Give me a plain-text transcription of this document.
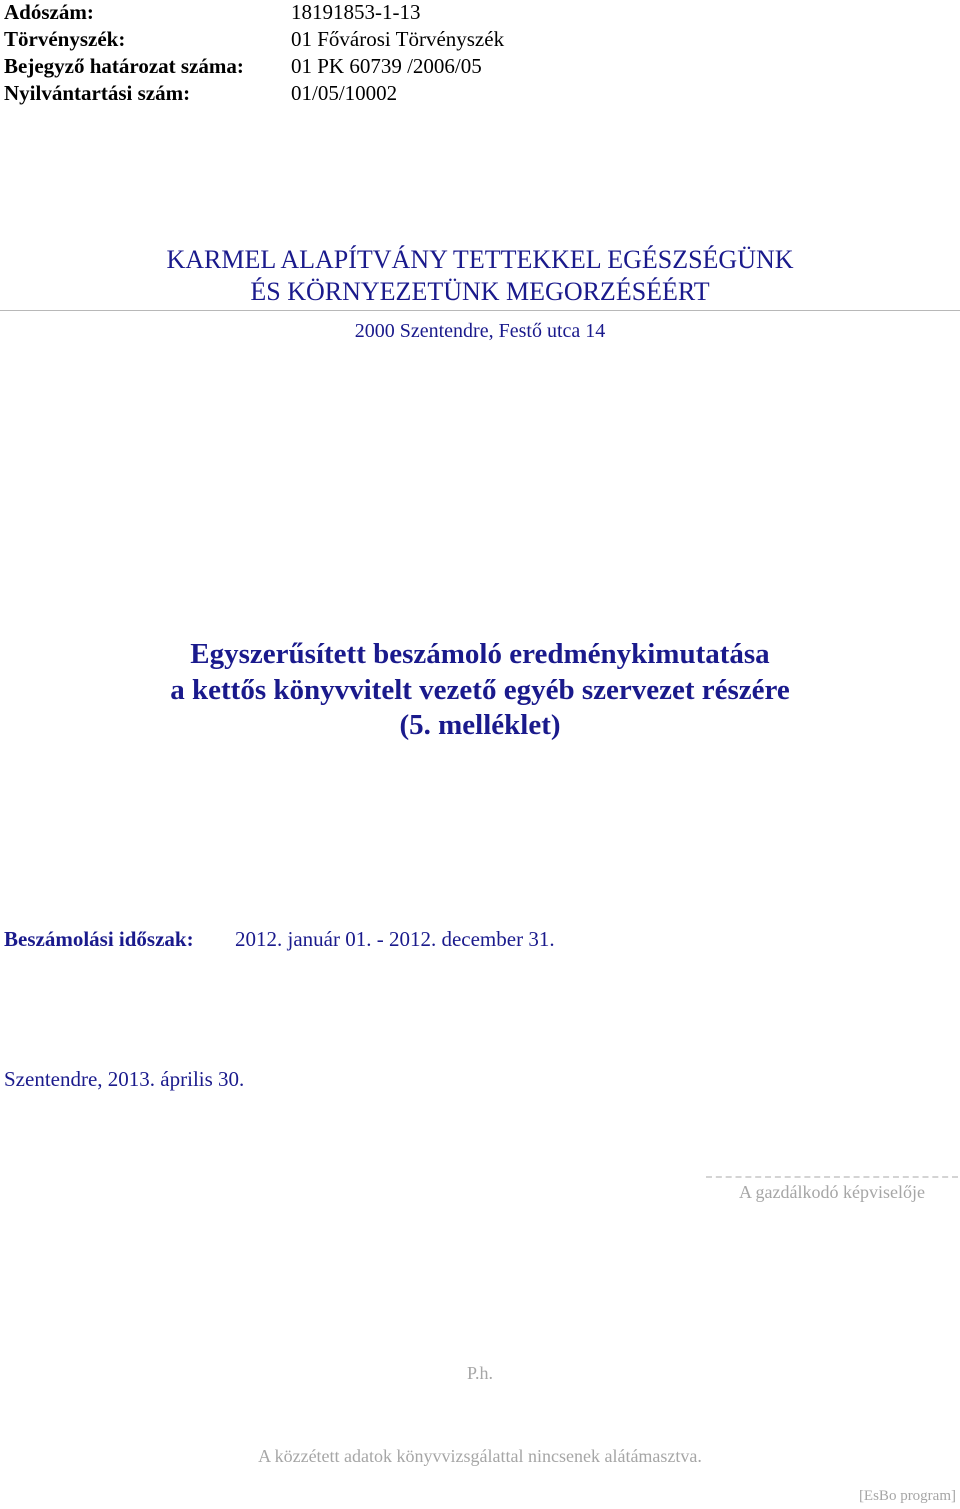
Adószám:	18191853-1-13
Törvényszék:	01 Fővárosi Törvényszék
Bejegyző határozat száma: 01 PK 60739 /2006/05
Nyilvántartási szám:	01/05/10002
KARMEL ALAPÍTVÁNY TETTEKKEL EGÉSZSÉGÜNK
ÉS KÖRNYEZETÜNK MEGORZÉSÉÉRT
2000 Szentendre, Festő utca 14
Egyszerűsített beszámoló eredménykimutatása
a kettős könyvvitelt vezető egyéb szervezet részére
(5. melléklet)
Beszámolási időszak: 2012. január 01. - 2012. december 31.
Szentendre, 2013. április 30.
A gazdálkodó képviselője
P.h.
A közzétett adatok könyvvizsgálattal nincsenek alátámasztva.
[EsBo program]
